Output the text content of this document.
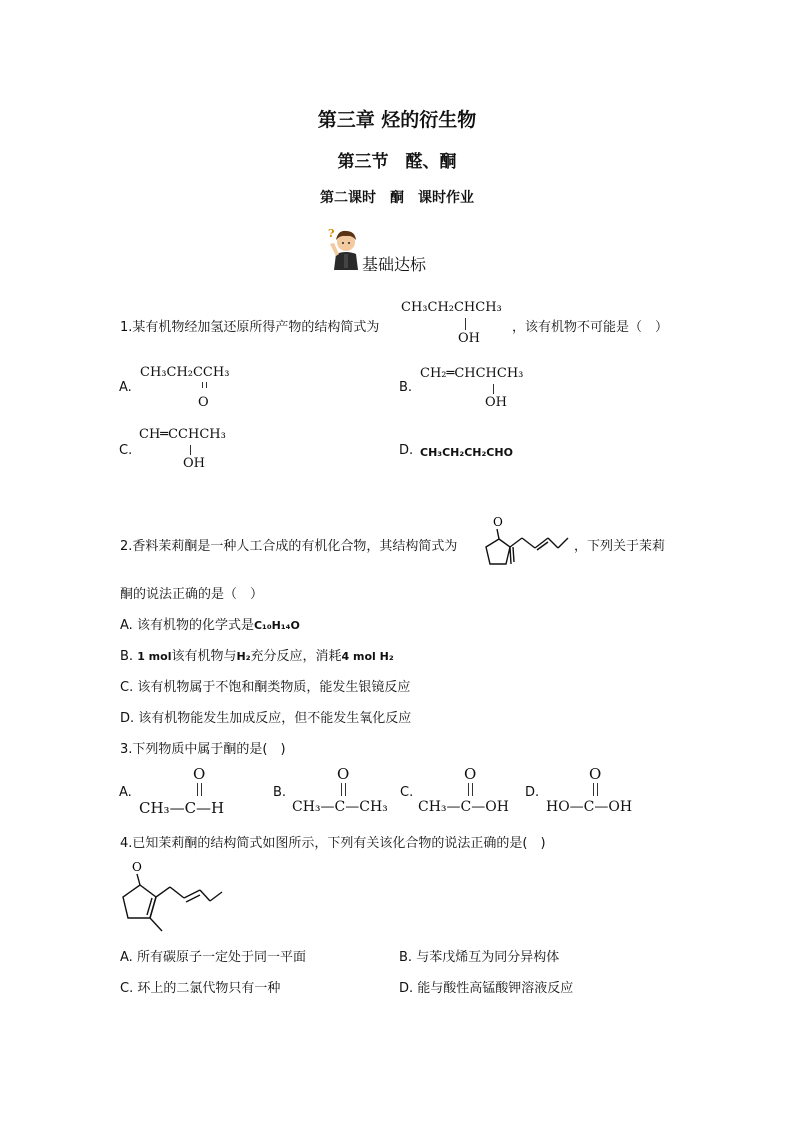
第三章 烃的衍生物
第三节　醛、酮
第二课时　酮　课时作业
?
基础达标
1.某有机物经加氢还原所得产物的结构简式为
CH₃CH₂CHCH₃
OH
，该有机物不可能是（　）
A.
CH₃CH₂CCH₃
O
B.
CH₂═CHCHCH₃
OH
C.
CH═CCHCH₃
OH
D. CH₃CH₂CH₂CHO
2.香料茉莉酮是一种人工合成的有机化合物，其结构简式为
O
，下列关于茉莉
酮的说法正确的是（　）
A. 该有机物的化学式是C₁₀H₁₄O
B. 1 mol该有机物与H₂充分反应，消耗4 mol H₂
C. 该有机物属于不饱和酮类物质，能发生银镜反应
D. 该有机物能发生加成反应，但不能发生氧化反应
3.下列物质中属于酮的是(　)
A.
O
CH₃—C—H
B.
O
CH₃—C—CH₃
C.
O
CH₃—C—OH
D.
O
HO—C—OH
4.已知茉莉酮的结构简式如图所示，下列有关该化合物的说法正确的是(　)
O
A. 所有碳原子一定处于同一平面	B. 与苯戊烯互为同分异构体
C. 环上的二氯代物只有一种	D. 能与酸性高锰酸钾溶液反应
